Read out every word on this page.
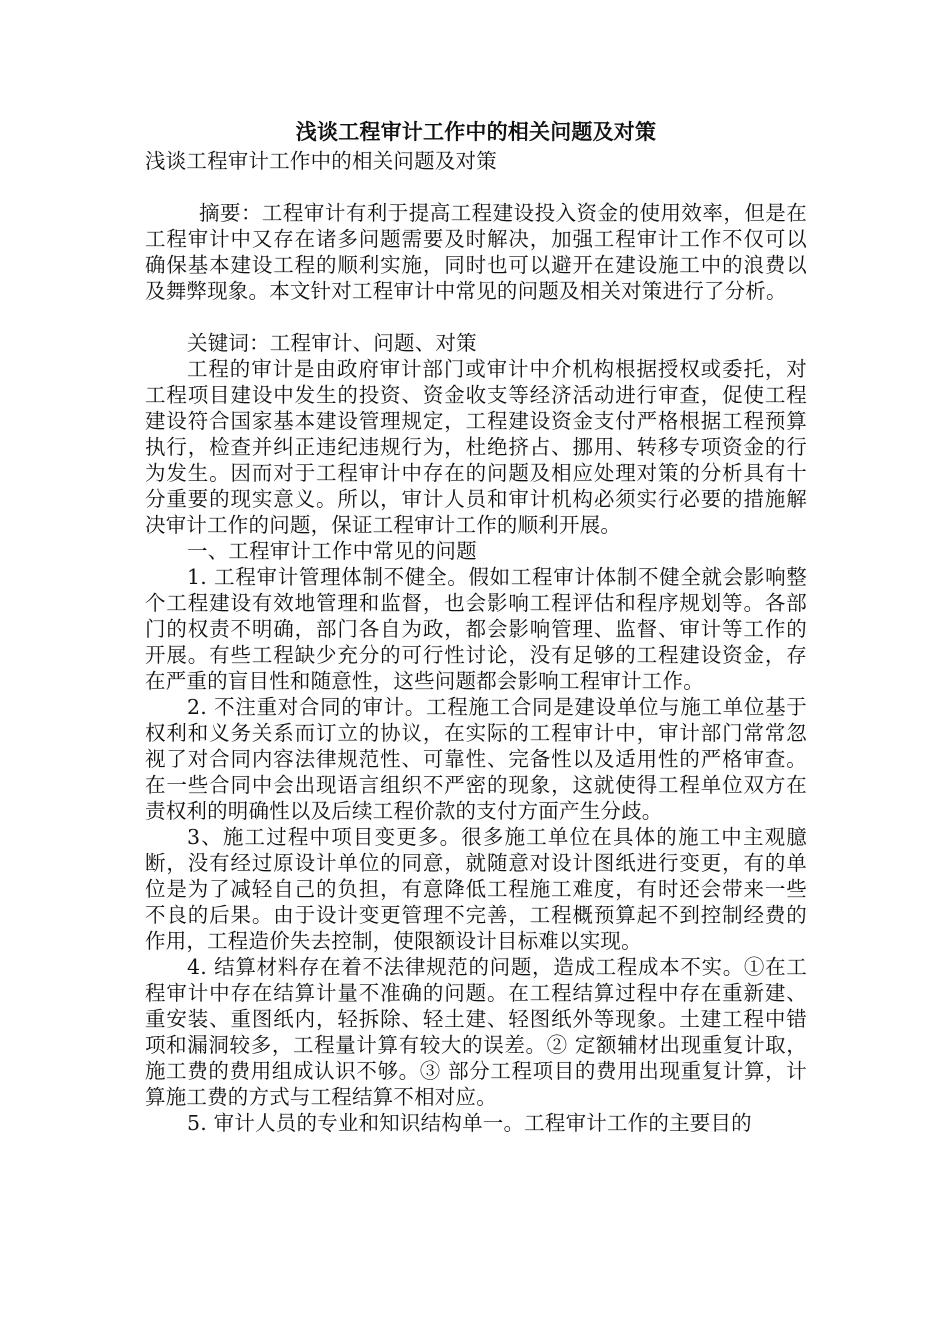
浅谈工程审计工作中的相关问题及对策
浅谈工程审计工作中的相关问题及对策

摘要：工程审计有利于提高工程建设投入资金的使用效率，但是在工程审计中又存在诸多问题需要及时解决，加强工程审计工作不仅可以确保基本建设工程的顺利实施，同时也可以避开在建设施工中的浪费以及舞弊现象。本文针对工程审计中常见的问题及相关对策进行了分析。

关键词：工程审计、问题、对策

工程的审计是由政府审计部门或审计中介机构根据授权或委托，对工程项目建设中发生的投资、资金收支等经济活动进行审查，促使工程建设符合国家基本建设管理规定，工程建设资金支付严格根据工程预算执行，检查并纠正违纪违规行为，杜绝挤占、挪用、转移专项资金的行为发生。因而对于工程审计中存在的问题及相应处理对策的分析具有十分重要的现实意义。所以，审计人员和审计机构必须实行必要的措施解决审计工作的问题，保证工程审计工作的顺利开展。

一、工程审计工作中常见的问题

1. 工程审计管理体制不健全。假如工程审计体制不健全就会影响整个工程建设有效地管理和监督，也会影响工程评估和程序规划等。各部门的权责不明确，部门各自为政，都会影响管理、监督、审计等工作的开展。有些工程缺少充分的可行性讨论，没有足够的工程建设资金，存在严重的盲目性和随意性，这些问题都会影响工程审计工作。

2. 不注重对合同的审计。工程施工合同是建设单位与施工单位基于权利和义务关系而订立的协议，在实际的工程审计中，审计部门常常忽视了对合同内容法律规范性、可靠性、完备性以及适用性的严格审查。在一些合同中会出现语言组织不严密的现象，这就使得工程单位双方在责权利的明确性以及后续工程价款的支付方面产生分歧。

3、施工过程中项目变更多。很多施工单位在具体的施工中主观臆断，没有经过原设计单位的同意，就随意对设计图纸进行变更，有的单位是为了减轻自己的负担，有意降低工程施工难度，有时还会带来一些不良的后果。由于设计变更管理不完善，工程概预算起不到控制经费的作用，工程造价失去控制，使限额设计目标难以实现。

4. 结算材料存在着不法律规范的问题，造成工程成本不实。①在工程审计中存在结算计量不准确的问题。在工程结算过程中存在重新建、重安装、重图纸内，轻拆除、轻土建、轻图纸外等现象。土建工程中错项和漏洞较多，工程量计算有较大的误差。② 定额辅材出现重复计取，施工费的费用组成认识不够。③ 部分工程项目的费用出现重复计算，计算施工费的方式与工程结算不相对应。

5. 审计人员的专业和知识结构单一。工程审计工作的主要目的
